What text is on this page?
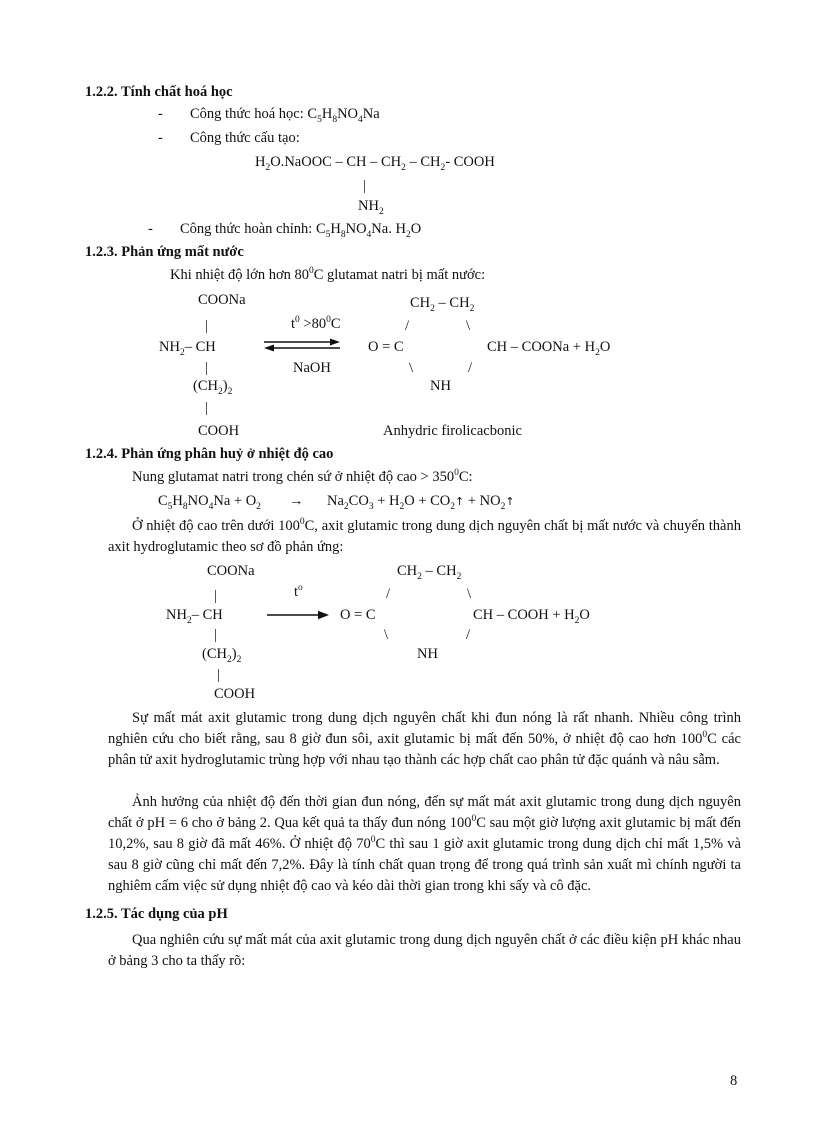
1.2.2. Tính chất hoá học
- Công thức hoá học: $C_5H_8NO_4Na$
- Công thức cấu tạo:
$H_2O.NaOOC$ – CH – $CH_2 - CH_2-$ COOH
|
$NH_2$
- Công thức hoàn chỉnh: $C_5H_8NO_4Na$. $H_2O$
1.2.3. Phản ứng mất nước
Khi nhiệt độ lớn hơn $80^0C$ glutamat natri bị mất nước:
COONa
|
$NH_2-$ CH
|
$(CH_2)_2$
|
COOH
$t^0 >80^0C$
NaOH
$CH_2 - CH_2$
/	\
O = C	CH – COONa + $H_2O$
\	/
NH
Anhydric firolicacbonic
1.2.4. Phản ứng phân huỷ ở nhiệt độ cao
Nung glutamat natri trong chén sứ ở nhiệt độ cao > $350^0C$:
$C_5H_8NO_4Na + O_2 \to Na_2CO_3 + H_2O$ + $CO_2↑$ + $NO_2↑$
Ở nhiệt độ cao trên dưới $100^0C$, axit glutamic trong dung dịch nguyên chất bị mất nước và chuyển thành axit hydroglutamic theo sơ đồ phản ứng:
COONa
|
$NH_2-$ CH
|
$(CH_2)_2$
|
COOH
$t^o$
$CH_2 - CH_2$
/	\
O = C	CH – COOH + $H_2O$
\	/
NH
Sự mất mát axit glutamic trong dung dịch nguyên chất khi đun nóng là rất nhanh. Nhiều công trình nghiên cứu cho biết rằng, sau 8 giờ đun sôi, axit glutamic bị mất đến 50%, ở nhiệt độ cao hơn $100^0C$ các phân tử axit hydroglutamic trùng hợp với nhau tạo thành các hợp chất cao phân tử đặc quánh và nâu sẫm.
Ảnh hưởng của nhiệt độ đến thời gian đun nóng, đến sự mất mát axit glutamic trong dung dịch nguyên chất ở pH = 6 cho ở bảng 2. Qua kết quả ta thấy đun nóng $100^0C$ sau một giờ lượng axit glutamic bị mất đến 10,2%, sau 8 giờ đã mất 46%. Ở nhiệt độ $70^0C$ thì sau 1 giờ axit glutamic trong dung dịch chỉ mất 1,5% và sau 8 giờ cũng chỉ mất đến 7,2%. Đây là tính chất quan trọng để trong quá trình sản xuất mì chính người ta nghiêm cấm việc sử dụng nhiệt độ cao và kéo dài thời gian trong khi sấy và cô đặc.
1.2.5. Tác dụng của pH
Qua nghiên cứu sự mất mát của axit glutamic trong dung dịch nguyên chất ở các điều kiện pH khác nhau ở bảng 3 cho ta thấy rõ:
8
